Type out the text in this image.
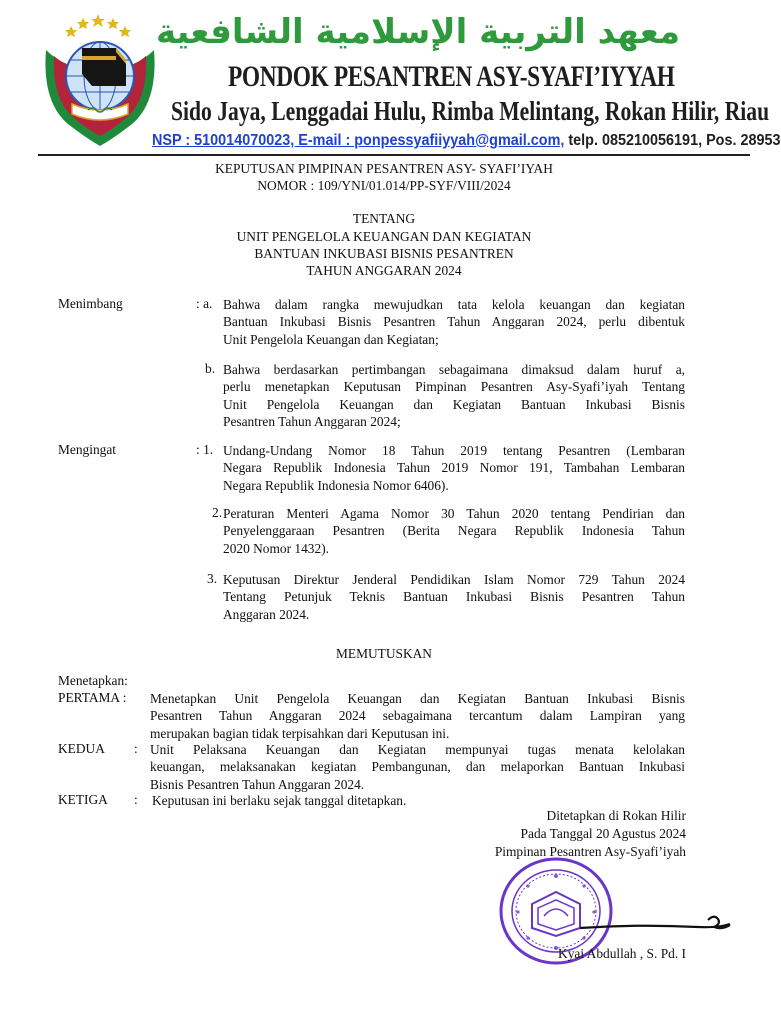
معهد التربية الإسلامية الشافعية
PONDOK PESANTREN ASY-SYAFI’IYYAH
Sido Jaya, Lenggadai Hulu, Rimba Melintang, Rokan Hilir, Riau
NSP : 510014070023, E-mail : ponpessyafiiyyah@gmail.com, telp. 085210056191, Pos. 28953
KEPUTUSAN PIMPINAN PESANTREN ASY- SYAFI’IYAH
NOMOR : 109/YNI/01.014/PP-SYF/VIII/2024
TENTANG
UNIT PENGELOLA KEUANGAN DAN KEGIATAN
BANTUAN INKUBASI BISNIS PESANTREN
TAHUN ANGGARAN 2024
Menimbang	: a. Bahwa dalam rangka mewujudkan tata kelola keuangan dan kegiatan
Bantuan Inkubasi Bisnis Pesantren Tahun Anggaran 2024, perlu dibentuk
Unit Pengelola Keuangan dan Kegiatan;
b. Bahwa berdasarkan pertimbangan sebagaimana dimaksud dalam huruf a,
perlu menetapkan Keputusan Pimpinan Pesantren Asy-Syafi’iyah Tentang
Unit Pengelola Keuangan dan Kegiatan Bantuan Inkubasi Bisnis
Pesantren Tahun Anggaran 2024;
Mengingat	: 1. Undang-Undang Nomor 18 Tahun 2019 tentang Pesantren (Lembaran
Negara Republik Indonesia Tahun 2019 Nomor 191, Tambahan Lembaran
Negara Republik Indonesia Nomor 6406).
2. Peraturan Menteri Agama Nomor 30 Tahun 2020 tentang Pendirian dan
Penyelenggaraan Pesantren (Berita Negara Republik Indonesia Tahun
2020 Nomor 1432).
3. Keputusan Direktur Jenderal Pendidikan Islam Nomor 729 Tahun 2024
Tentang Petunjuk Teknis Bantuan Inkubasi Bisnis Pesantren Tahun
Anggaran 2024.
MEMUTUSKAN
Menetapkan:
PERTAMA : Menetapkan Unit Pengelola Keuangan dan Kegiatan Bantuan Inkubasi Bisnis
Pesantren Tahun Anggaran 2024 sebagaimana tercantum dalam Lampiran yang
merupakan bagian tidak terpisahkan dari Keputusan ini.
KEDUA : Unit Pelaksana Keuangan dan Kegiatan mempunyai tugas menata kelolakan
keuangan, melaksanakan kegiatan Pembangunan, dan melaporkan Bantuan Inkubasi
Bisnis Pesantren Tahun Anggaran 2024.
KETIGA : Keputusan ini berlaku sejak tanggal ditetapkan.
Ditetapkan di Rokan Hilir
Pada Tanggal 20 Agustus 2024
Pimpinan Pesantren Asy-Syafi’iyah
Kyai Abdullah , S. Pd. I
